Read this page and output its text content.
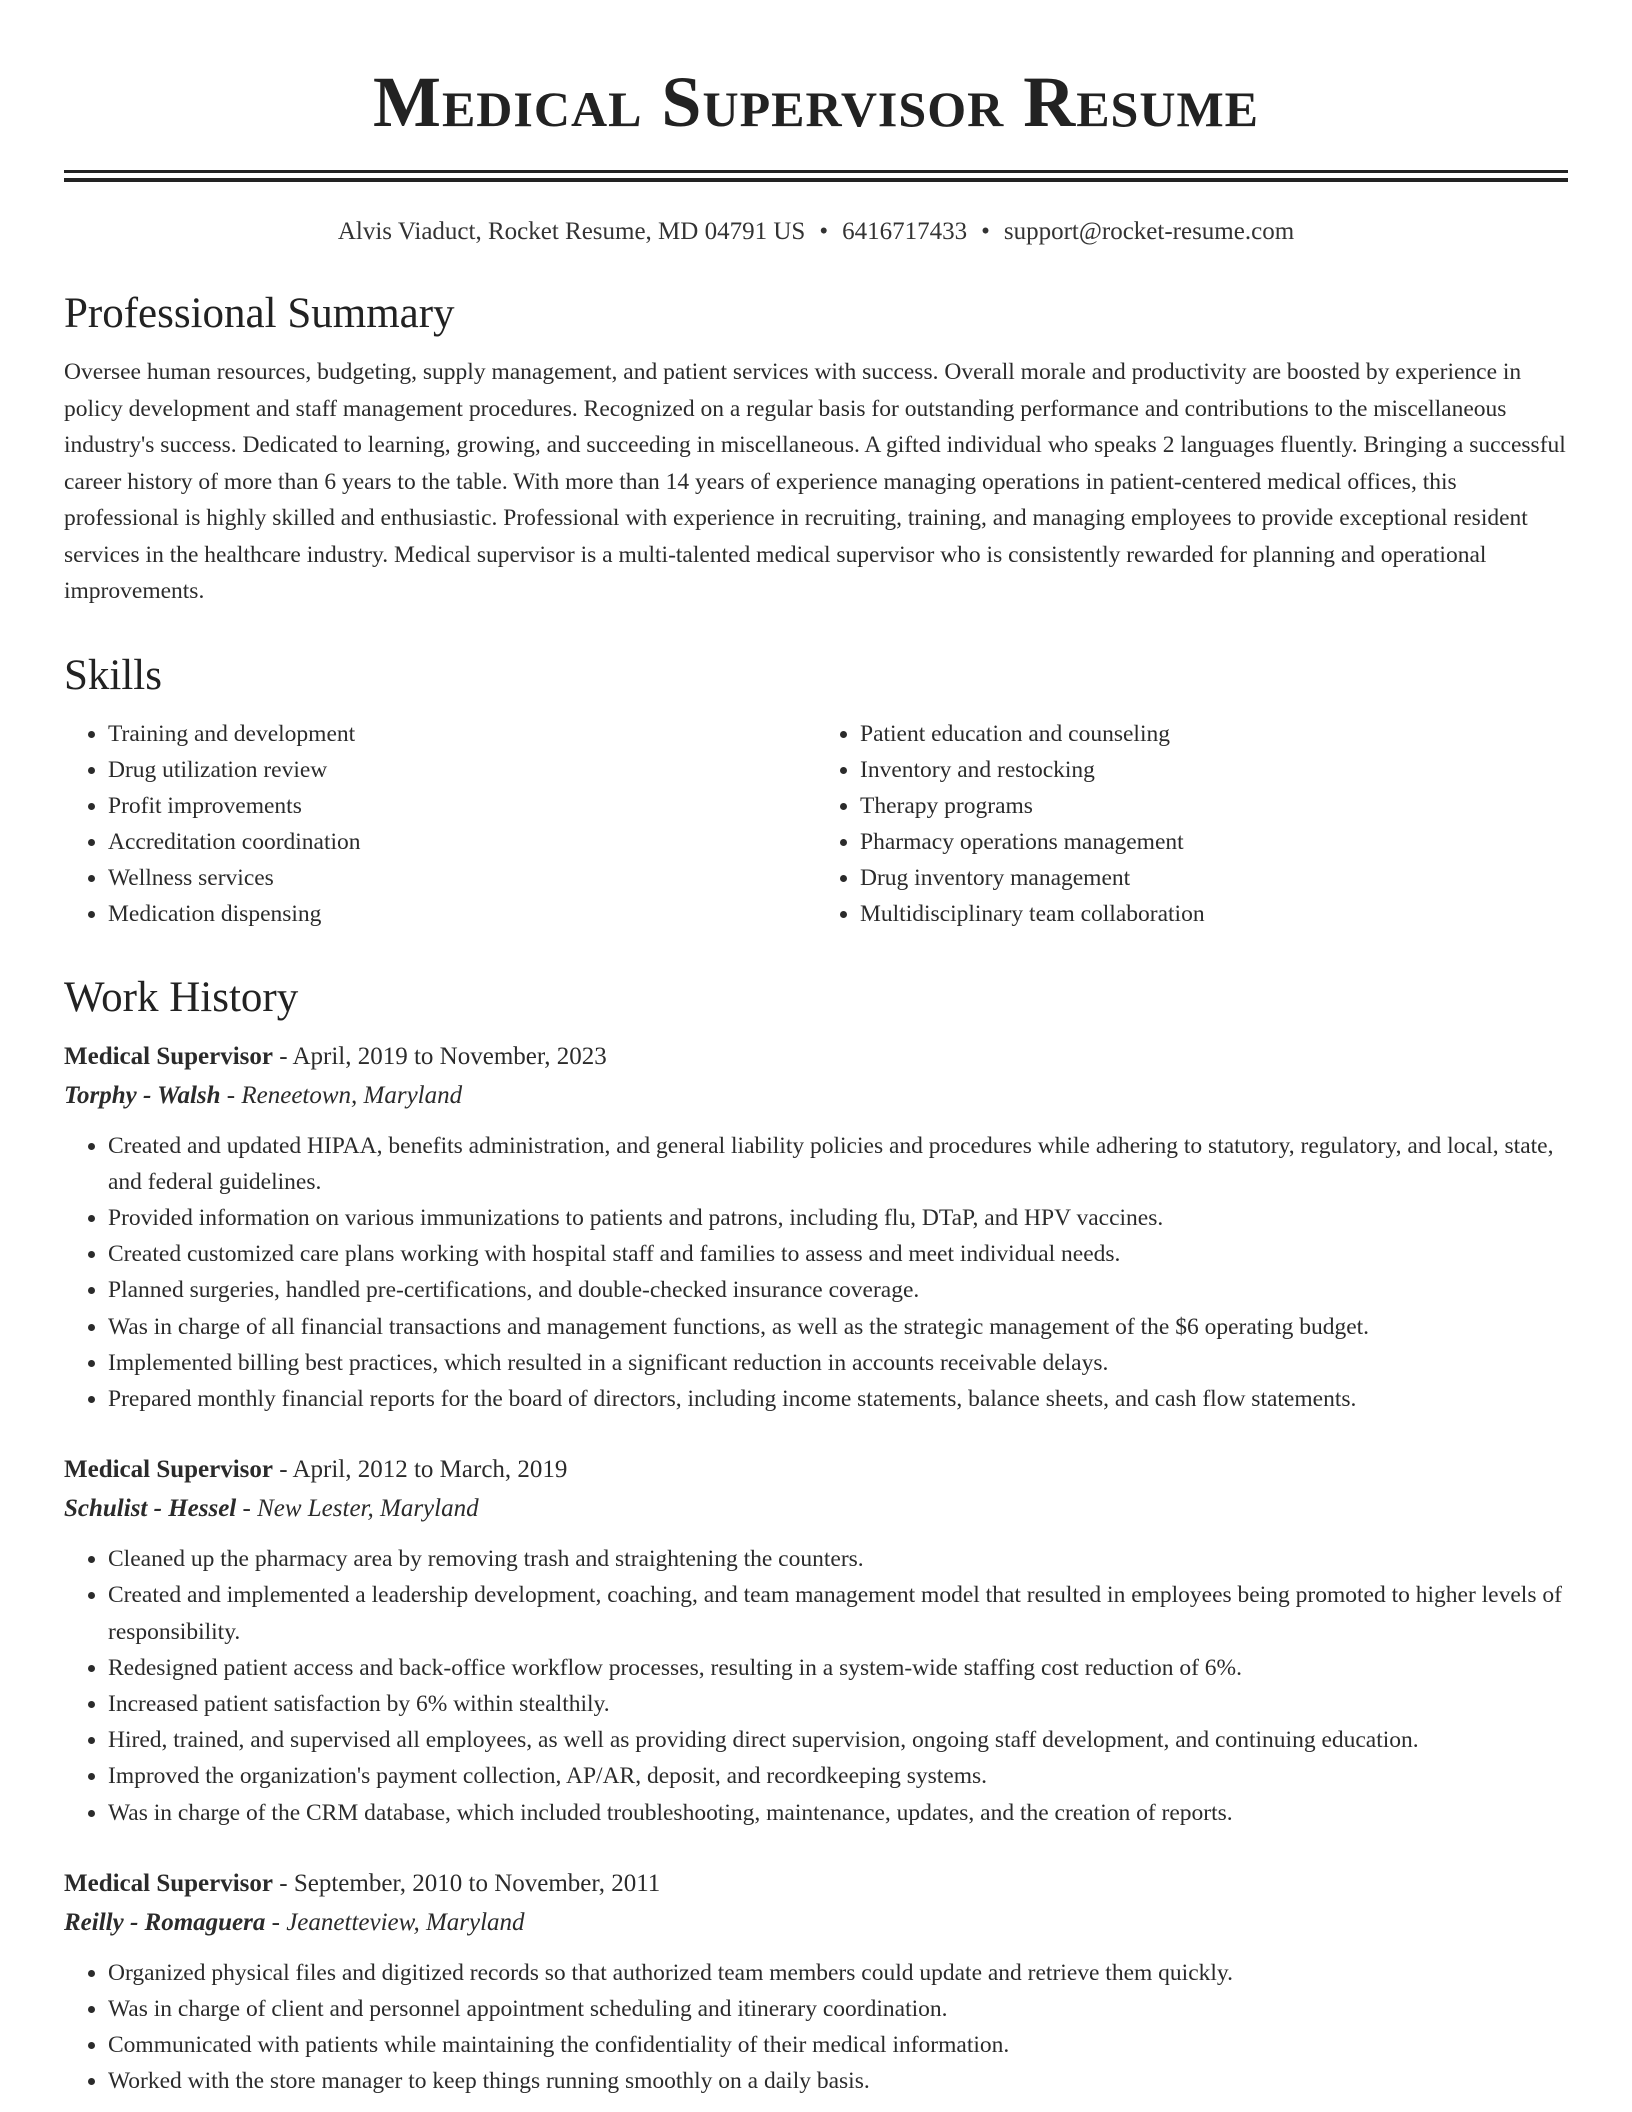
Medical Supervisor Resume
Alvis Viaduct, Rocket Resume, MD 04791 US • 6416717433 • support@rocket-resume.com
Professional Summary

Oversee human resources, budgeting, supply management, and patient services with success. Overall morale and productivity are boosted by experience in policy development and staff management procedures. Recognized on a regular basis for outstanding performance and contributions to the miscellaneous industry's success. Dedicated to learning, growing, and succeeding in miscellaneous. A gifted individual who speaks 2 languages fluently. Bringing a successful career history of more than 6 years to the table. With more than 14 years of experience managing operations in patient-centered medical offices, this professional is highly skilled and enthusiastic. Professional with experience in recruiting, training, and managing employees to provide exceptional resident services in the healthcare industry. Medical supervisor is a multi-talented medical supervisor who is consistently rewarded for planning and operational improvements.

Skills
• Training and development
• Drug utilization review
• Profit improvements
• Accreditation coordination
• Wellness services
• Medication dispensing
• Patient education and counseling
• Inventory and restocking
• Therapy programs
• Pharmacy operations management
• Drug inventory management
• Multidisciplinary team collaboration
Work History
Medical Supervisor - April, 2019 to November, 2023
Torphy - Walsh - Reneetown, Maryland
• Created and updated HIPAA, benefits administration, and general liability policies and procedures while adhering to statutory, regulatory, and local, state, and federal guidelines.
• Provided information on various immunizations to patients and patrons, including flu, DTaP, and HPV vaccines.
• Created customized care plans working with hospital staff and families to assess and meet individual needs.
• Planned surgeries, handled pre-certifications, and double-checked insurance coverage.
• Was in charge of all financial transactions and management functions, as well as the strategic management of the $6 operating budget.
• Implemented billing best practices, which resulted in a significant reduction in accounts receivable delays.
• Prepared monthly financial reports for the board of directors, including income statements, balance sheets, and cash flow statements.
Medical Supervisor - April, 2012 to March, 2019
Schulist - Hessel - New Lester, Maryland
• Cleaned up the pharmacy area by removing trash and straightening the counters.
• Created and implemented a leadership development, coaching, and team management model that resulted in employees being promoted to higher levels of responsibility.
• Redesigned patient access and back-office workflow processes, resulting in a system-wide staffing cost reduction of 6%.
• Increased patient satisfaction by 6% within stealthily.
• Hired, trained, and supervised all employees, as well as providing direct supervision, ongoing staff development, and continuing education.
• Improved the organization's payment collection, AP/AR, deposit, and recordkeeping systems.
• Was in charge of the CRM database, which included troubleshooting, maintenance, updates, and the creation of reports.
Medical Supervisor - September, 2010 to November, 2011
Reilly - Romaguera - Jeanetteview, Maryland
• Organized physical files and digitized records so that authorized team members could update and retrieve them quickly.
• Was in charge of client and personnel appointment scheduling and itinerary coordination.
• Communicated with patients while maintaining the confidentiality of their medical information.
• Worked with the store manager to keep things running smoothly on a daily basis.
